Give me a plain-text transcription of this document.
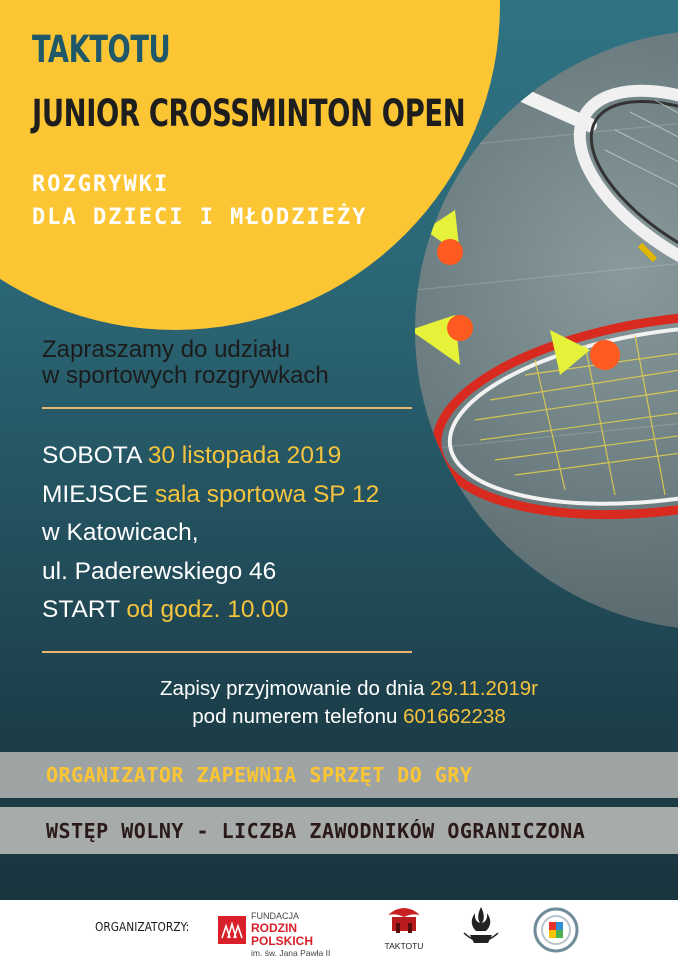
TAKTOTU
JUNIOR CROSSMINTON OPEN
ROZGRYWKI
DLA DZIECI I MŁODZIEŻY
Zapraszamy do udziału
w sportowych rozgrywkach
SOBOTA 30 listopada 2019
MIEJSCE sala sportowa SP 12
w Katowicach,
ul. Paderewskiego 46
START od godz. 10.00
Zapisy przyjmowanie do dnia 29.11.2019r
pod numerem telefonu 601662238
ORGANIZATOR ZAPEWNIA SPRZĘT DO GRY
WSTĘP WOLNY - LICZBA ZAWODNIKÓW OGRANICZONA
ORGANIZATORZY:
FUNDACJA
RODZIN POLSKICH
im. św. Jana Pawła II
TAKTOTU
